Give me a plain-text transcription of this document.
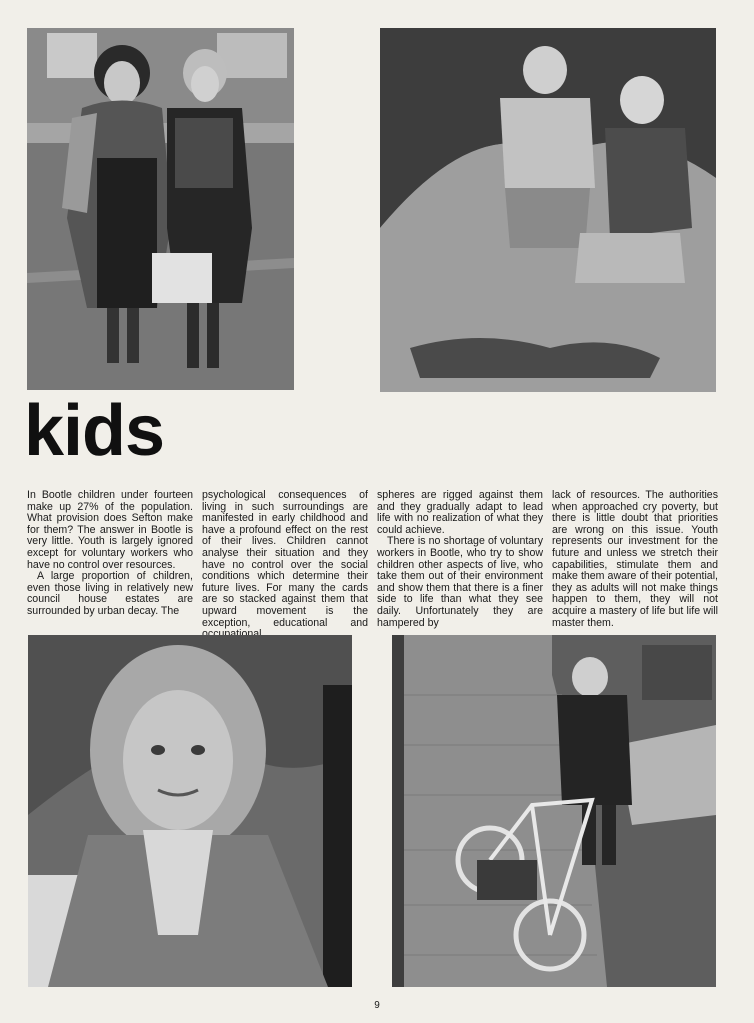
kids

In Bootle children under fourteen make up 27% of the population. What provision does Sefton make for them? The answer in Bootle is very little. Youth is largely ignored except for voluntary workers who have no control over resources.

A large proportion of children, even those living in relatively new council house estates are surrounded by urban decay. The

psychological consequences of living in such surroundings are manifested in early childhood and have a profound effect on the rest of their lives. Children cannot analyse their situation and they have no control over the social conditions which determine their future lives. For many the cards are so stacked against them that upward movement is the exception, educational and

spheres are rigged against them and they gradually adapt to lead life with no realization of what they could achieve.

There is no shortage of voluntary workers in Bootle, who try to show children other aspects of live, who take them out of their environment and show them that there is a finer side to life than what they see daily. Unfortunately they are hampered by

lack of resources. The authorities when approached cry poverty, but there is little doubt that priorities are wrong on this issue. Youth represents our investment for the future and unless we stretch their capabilities, stimulate them and make them aware of their potential, they as adults will not make things happen to them, they will not acquire a mastery of life but life will master them.

9
